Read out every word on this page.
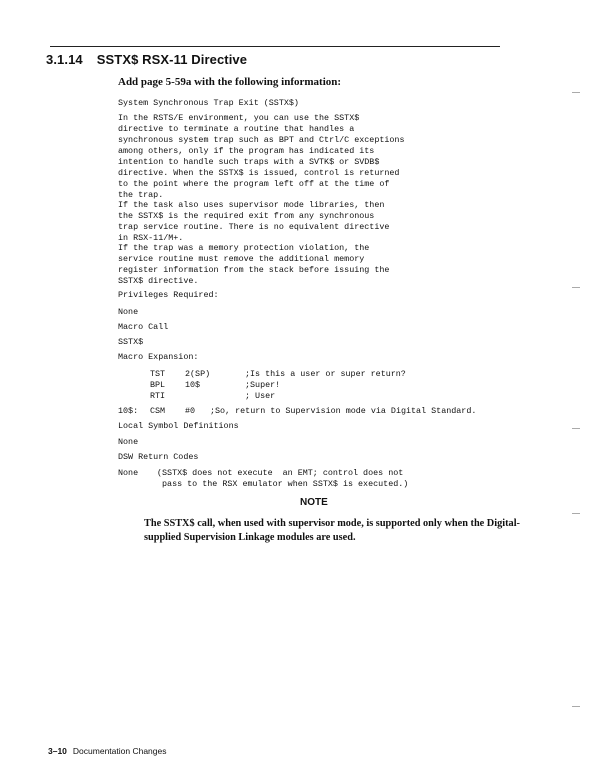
3.1.14 SSTX$ RSX-11 Directive
Add page 5-59a with the following information:
System Synchronous Trap Exit (SSTX$)
In the RSTS/E environment, you can use the SSTX$
directive to terminate a routine that handles a
synchronous system trap such as BPT and Ctrl/C exceptions
among others, only if the program has indicated its
intention to handle such traps with a SVTK$ or SVDB$
directive. When the SSTX$ is issued, control is returned
to the point where the program left off at the time of
the trap.
If the task also uses supervisor mode libraries, then
the SSTX$ is the required exit from any synchronous
trap service routine. There is no equivalent directive
in RSX-11/M+.
If the trap was a memory protection violation, the
service routine must remove the additional memory
register information from the stack before issuing the
SSTX$ directive.
Privileges Required:
None
Macro Call
SSTX$
Macro Expansion:
TST 2(SP)	;Is this a user or super return?
BPL 10$	;Super!
RTI	; User
10$: CSM #0 ;So, return to Supervision mode via Digital Standard.
Local Symbol Definitions
None
DSW Return Codes
None (SSTX$ does not execute  an EMT; control does not
pass to the RSX emulator when SSTX$ is executed.)
NOTE
The SSTX$ call, when used with supervisor mode, is supported only when the Digital-supplied Supervision Linkage modules are used.
3–10 Documentation Changes
